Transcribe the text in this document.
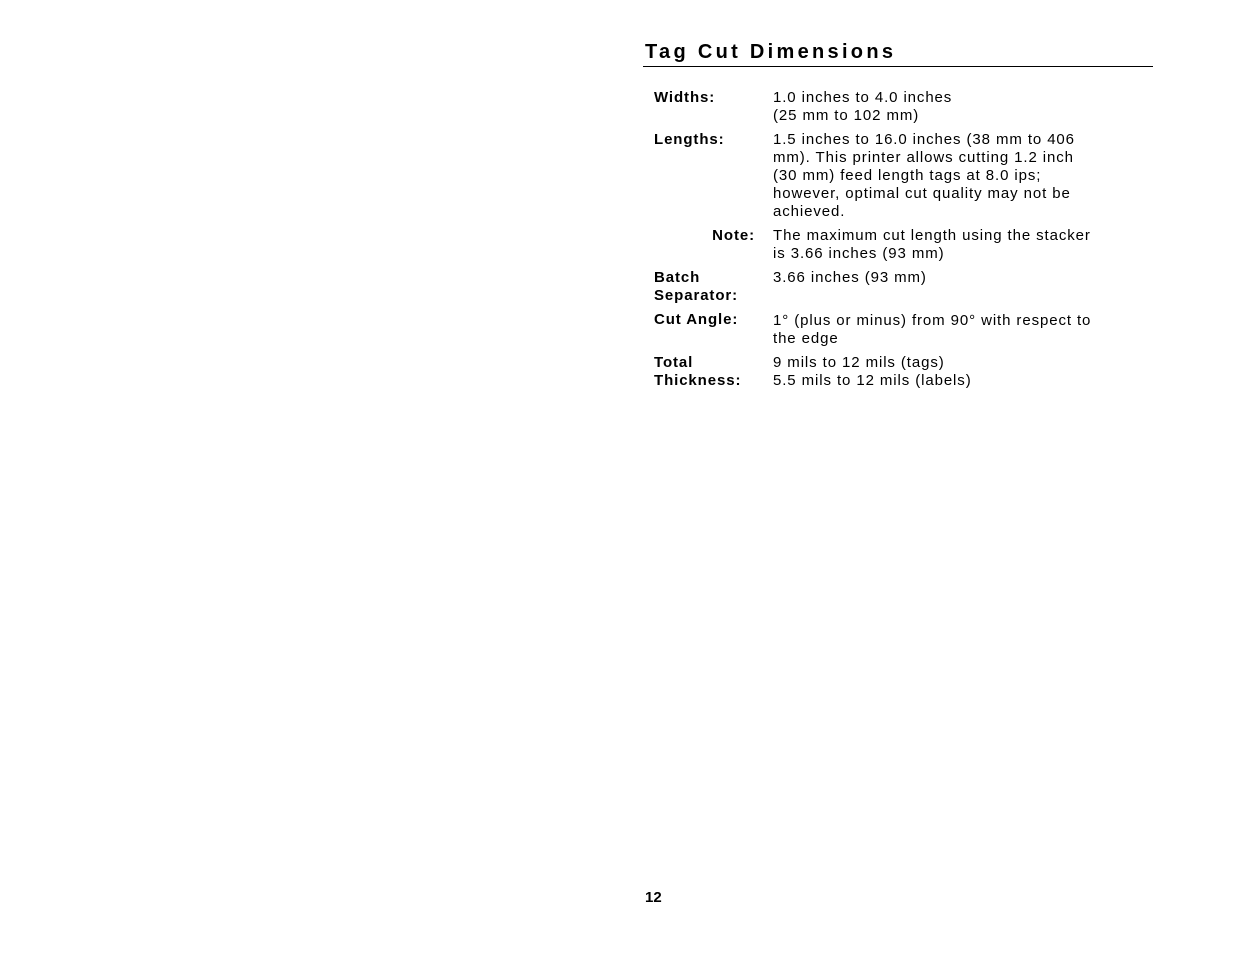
Tag Cut Dimensions
Widths:	1.0 inches to 4.0 inches
(25 mm to 102 mm)
Lengths:	1.5 inches to 16.0 inches (38 mm to 406
mm). This printer allows cutting 1.2 inch
(30 mm) feed length tags at 8.0 ips;
however, optimal cut quality may not be
achieved.
Note:	The maximum cut length using the stacker
is 3.66 inches (93 mm)
Batch
Separator:
3.66 inches (93 mm)
Cut Angle:	1° (plus or minus) from 90° with respect to
the edge
Total
Thickness:
9 mils to 12 mils (tags)
5.5 mils to 12 mils (labels)
12
